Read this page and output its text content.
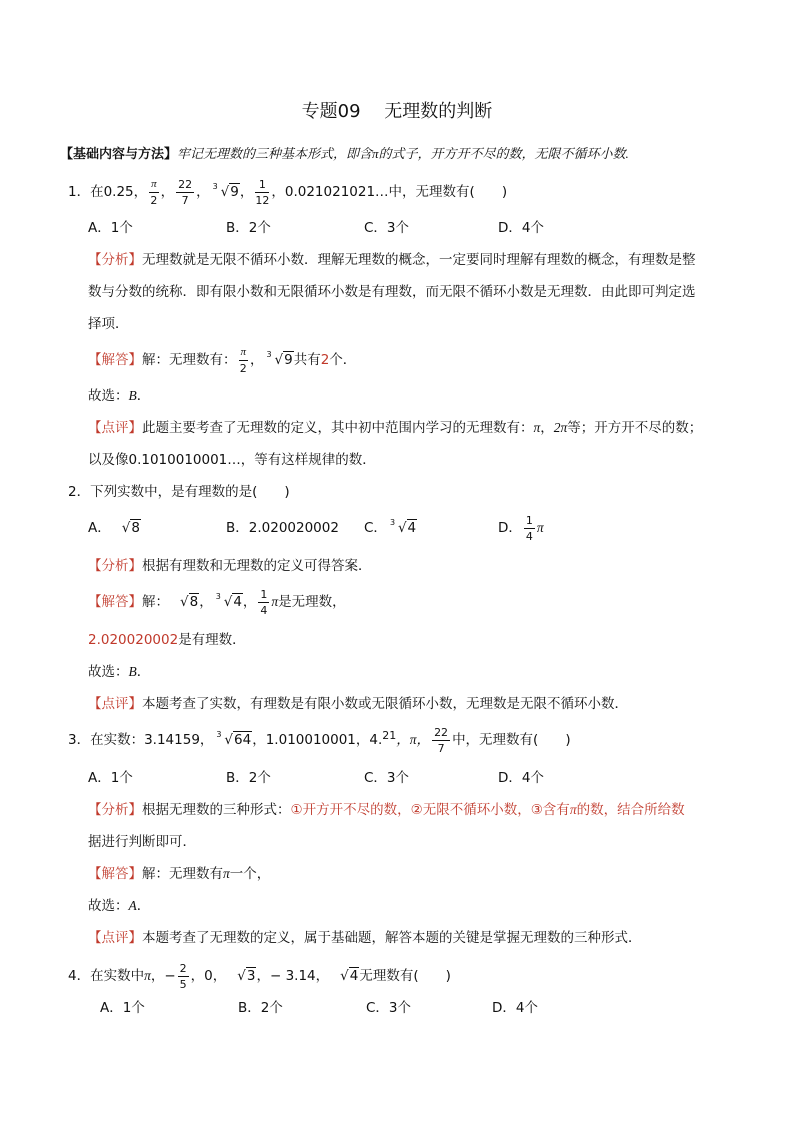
专题09　 无理数的判断
【基础内容与方法】牢记无理数的三种基本形式，即含π的式子，开方开不尽的数，无限不循环小数.
1．在0.25， $\frac{\pi}{2}$ ， $\frac{22}{7}$ ， 3 √9， $\frac{1}{12}$ ，0.021021021…中，无理数有(　　)
A．1个	B．2个	C．3个	D．4个
【分析】无理数就是无限不循环小数．理解无理数的概念，一定要同时理解有理数的概念，有理数是整
数与分数的统称．即有限小数和无限循环小数是有理数，而无限不循环小数是无理数．由此即可判定选
择项．
【解答】解：无理数有： $\frac{\pi}{2}$ ， 3 √9共有2个．
故选：B．
【点评】此题主要考查了无理数的定义，其中初中范围内学习的无理数有：π，2π等；开方开不尽的数；
以及像0.1010010001…，等有这样规律的数．
2．下列实数中，是有理数的是(　　)
A． √8	B．2.020020002 C． 3 √4	D． $\frac{1}{4}$ π
【分析】根据有理数和无理数的定义可得答案．
【解答】解： √8， 3 √4， $\frac{1}{4}$ π是无理数，
2.020020002是有理数．
故选：B．
【点评】本题考查了实数，有理数是有限小数或无限循环小数，无理数是无限不循环小数．
3．在实数：3.14159， 3 √64，1.010010001，4.21，π， $\frac{22}{7}$ 中，无理数有(　　)
A．1个	B．2个	C．3个	D．4个
【分析】根据无理数的三种形式：①开方开不尽的数，②无限不循环小数，③含有π的数，结合所给数
据进行判断即可．
【解答】解：无理数有π一个，
故选：A．
【点评】本题考查了无理数的定义，属于基础题，解答本题的关键是掌握无理数的三种形式．
4．在实数中π，− $\frac{2}{5}$ ，0， √3，− 3.14， √4无理数有(　　)
A．1个	B．2个	C．3个	D．4个
